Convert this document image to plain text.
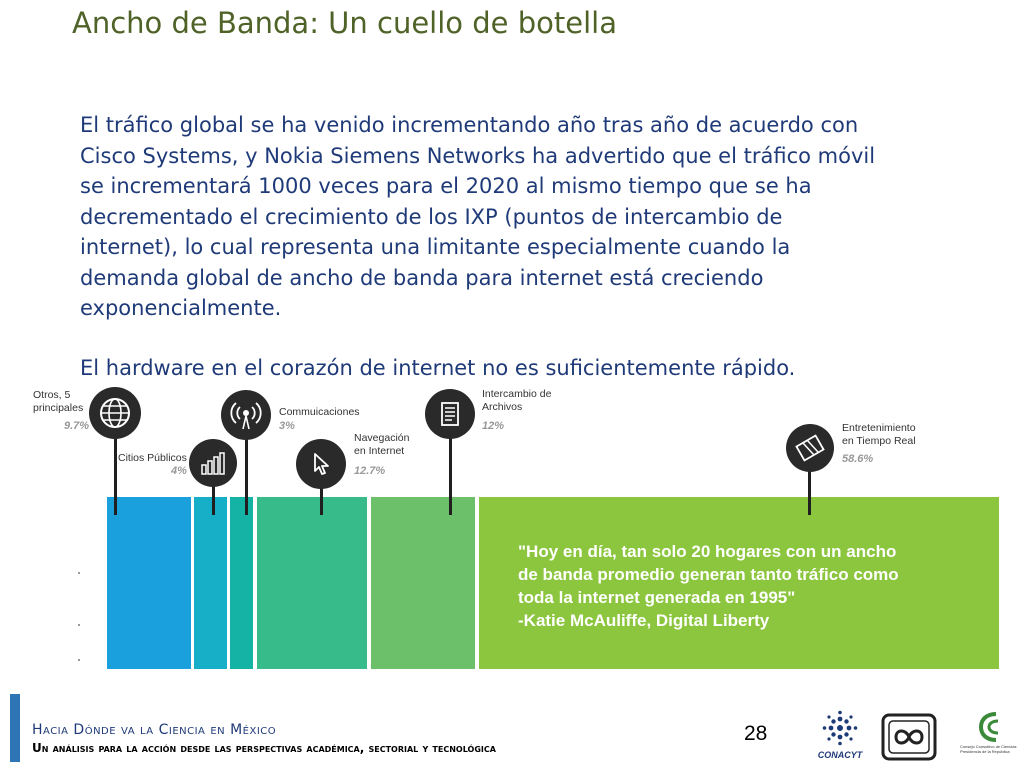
Ancho de Banda: Un cuello de botella

El tráfico global se ha venido incrementando año tras año de acuerdo con

Cisco Systems, y Nokia Siemens Networks ha advertido que el tráfico móvil

se incrementará 1000 veces para el 2020 al mismo tiempo que se ha

decrementado el crecimiento de los IXP (puntos de intercambio de

internet), lo cual representa una limitante especialmente cuando la

demanda global de ancho de banda para internet está creciendo

exponencialmente.

El hardware en el corazón de internet no es suficientemente rápido.
Otros, 5
principales
9.7%
Citios Públicos
4%
Commuicaciones
3%
Navegación
en Internet
12.7%
Intercambio de
Archivos
12%	Entretenimiento
en Tiempo Real
58.6%
"Hoy en día, tan solo 20 hogares con un ancho
de banda promedio generan tanto tráfico como
toda la internet generada en 1995"
-Katie McAuliffe, Digital Liberty
Hacia Dónde va la Ciencia en México
Un análisis para la acción desde las perspectivas académica, sectorial y tecnológica
28
CONACYT
Consejo Consultivo de Ciencias
Presidencia de la República
